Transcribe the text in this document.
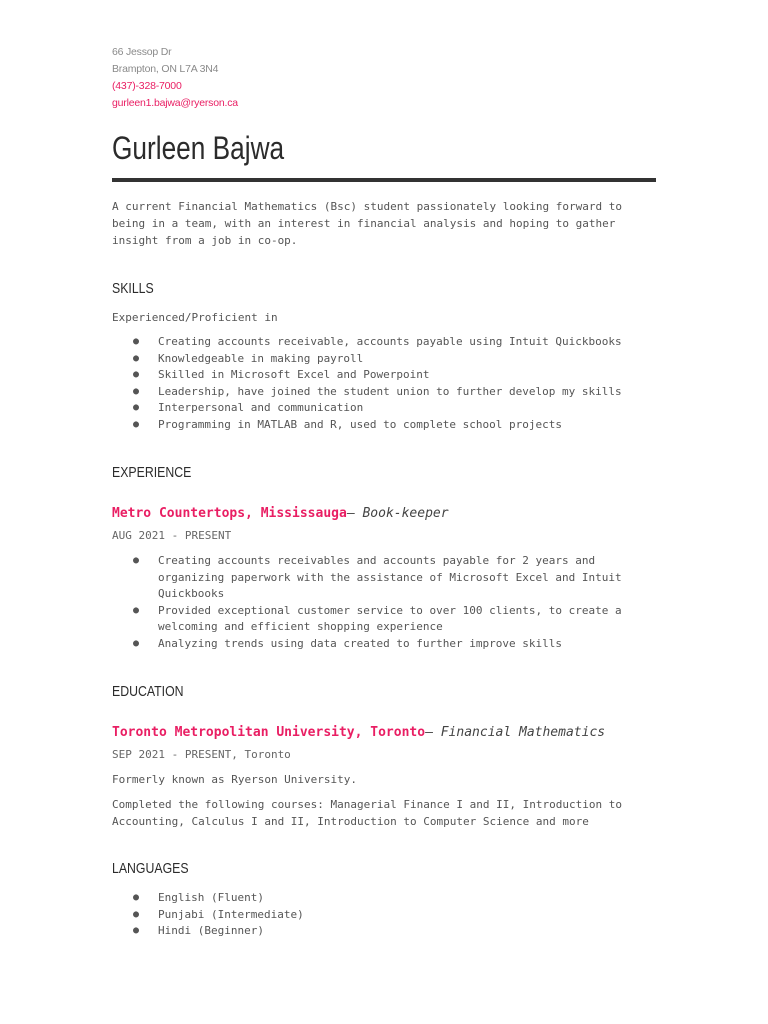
66 Jessop Dr
Brampton, ON L7A 3N4
(437)-328-7000
gurleen1.bajwa@ryerson.ca
Gurleen Bajwa
A current Financial Mathematics (Bsc) student passionately looking forward to
being in a team, with an interest in financial analysis and hoping to gather
insight from a job in co-op.
SKILLS
Experienced/Proficient in
● Creating accounts receivable, accounts payable using Intuit Quickbooks
● Knowledgeable in making payroll
● Skilled in Microsoft Excel and Powerpoint
● Leadership, have joined the student union to further develop my skills
● Interpersonal and communication
● Programming in MATLAB and R, used to complete school projects
EXPERIENCE
Metro Countertops, Mississauga— Book-keeper
AUG 2021 - PRESENT
● Creating accounts receivables and accounts payable for 2 years and
organizing paperwork with the assistance of Microsoft Excel and Intuit
Quickbooks
● Provided exceptional customer service to over 100 clients, to create a
welcoming and efficient shopping experience
● Analyzing trends using data created to further improve skills
EDUCATION
Toronto Metropolitan University, Toronto— Financial Mathematics
SEP 2021 - PRESENT, Toronto
Formerly known as Ryerson University.
Completed the following courses: Managerial Finance I and II, Introduction to
Accounting, Calculus I and II, Introduction to Computer Science and more
LANGUAGES
● English (Fluent)
● Punjabi (Intermediate)
● Hindi (Beginner)
